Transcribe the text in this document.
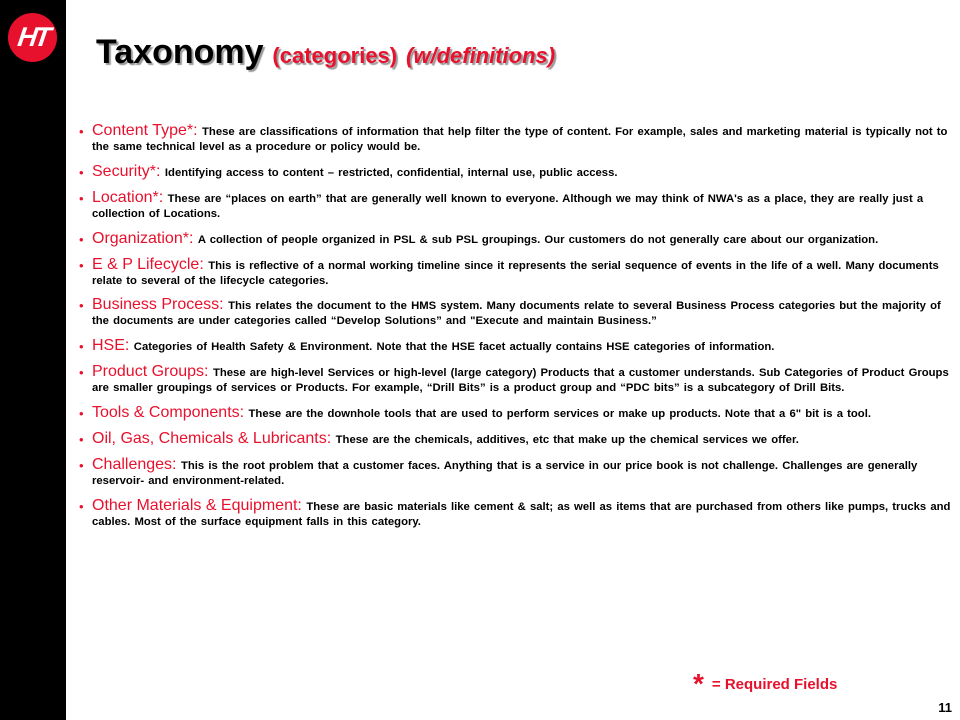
HT Taxonomy (categories) (w/definitions)
• Content Type*: These are classifications of information that help filter the type of content. For example, sales and marketing material is typically not to the same technical level as a procedure or policy would be.
• Security*: Identifying access to content – restricted, confidential, internal use, public access.
• Location*: These are “places on earth” that are generally well known to everyone. Although we may think of NWA's as a place, they are really just a collection of Locations.
• Organization*: A collection of people organized in PSL & sub PSL groupings. Our customers do not generally care about our organization.
• E & P Lifecycle: This is reflective of a normal working timeline since it represents the serial sequence of events in the life of a well. Many documents relate to several of the lifecycle categories.
• Business Process: This relates the document to the HMS system. Many documents relate to several Business Process categories but the majority of the documents are under categories called “Develop Solutions” and "Execute and maintain Business.”
• HSE: Categories of Health Safety & Environment. Note that the HSE facet actually contains HSE categories of information.
• Product Groups: These are high-level Services or high-level (large category) Products that a customer understands. Sub Categories of Product Groups are smaller groupings of services or Products. For example, “Drill Bits” is a product group and “PDC bits” is a subcategory of Drill Bits.
• Tools & Components: These are the downhole tools that are used to perform services or make up products. Note that a 6" bit is a tool.
• Oil, Gas, Chemicals & Lubricants: These are the chemicals, additives, etc that make up the chemical services we offer.
• Challenges: This is the root problem that a customer faces. Anything that is a service in our price book is not challenge. Challenges are generally reservoir- and environment-related.
• Other Materials & Equipment: These are basic materials like cement & salt; as well as items that are purchased from others like pumps, trucks and cables. Most of the surface equipment falls in this category.
* = Required Fields
11
